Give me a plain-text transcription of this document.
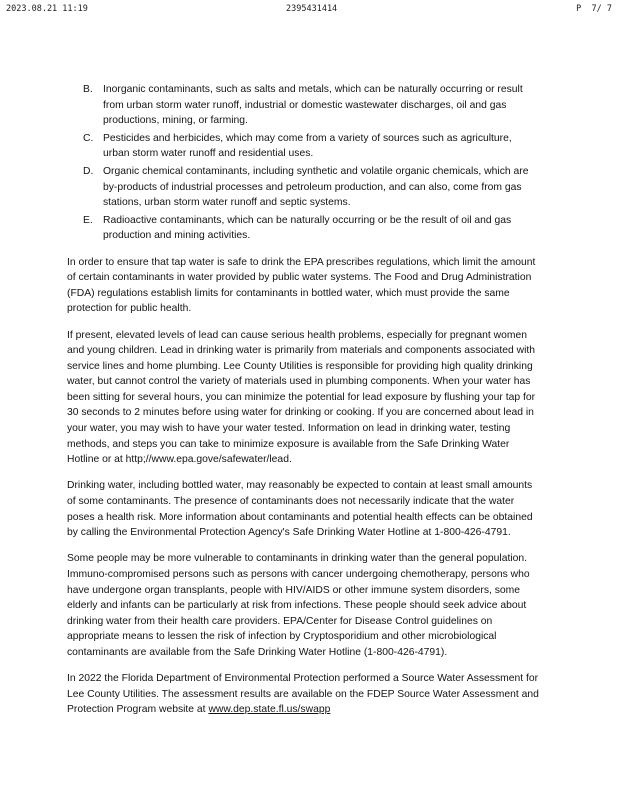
2023.08.21 11:19	2395431414	P  7/ 7
B. Inorganic contaminants, such as salts and metals, which can be naturally occurring or result from urban storm water runoff, industrial or domestic wastewater discharges, oil and gas productions, mining, or farming.
C. Pesticides and herbicides, which may come from a variety of sources such as agriculture, urban storm water runoff and residential uses.
D. Organic chemical contaminants, including synthetic and volatile organic chemicals, which are by-products of industrial processes and petroleum production, and can also, come from gas stations, urban storm water runoff and septic systems.
E. Radioactive contaminants, which can be naturally occurring or be the result of oil and gas production and mining activities.

In order to ensure that tap water is safe to drink the EPA prescribes regulations, which limit the amount of certain contaminants in water provided by public water systems. The Food and Drug Administration (FDA) regulations establish limits for contaminants in bottled water, which must provide the same protection for public health.

If present, elevated levels of lead can cause serious health problems, especially for pregnant women and young children. Lead in drinking water is primarily from materials and components associated with service lines and home plumbing. Lee County Utilities is responsible for providing high quality drinking water, but cannot control the variety of materials used in plumbing components. When your water has been sitting for several hours, you can minimize the potential for lead exposure by flushing your tap for 30 seconds to 2 minutes before using water for drinking or cooking. If you are concerned about lead in your water, you may wish to have your water tested. Information on lead in drinking water, testing methods, and steps you can take to minimize exposure is available from the Safe Drinking Water Hotline or at http;//www.epa.gove/safewater/lead.

Drinking water, including bottled water, may reasonably be expected to contain at least small amounts of some contaminants. The presence of contaminants does not necessarily indicate that the water poses a health risk. More information about contaminants and potential health effects can be obtained by calling the Environmental Protection Agency's Safe Drinking Water Hotline at 1-800-426-4791.

Some people may be more vulnerable to contaminants in drinking water than the general population. Immuno-compromised persons such as persons with cancer undergoing chemotherapy, persons who have undergone organ transplants, people with HIV/AIDS or other immune system disorders, some elderly and infants can be particularly at risk from infections. These people should seek advice about drinking water from their health care providers. EPA/Center for Disease Control guidelines on appropriate means to lessen the risk of infection by Cryptosporidium and other microbiological contaminants are available from the Safe Drinking Water Hotline (1-800-426-4791).

In 2022 the Florida Department of Environmental Protection performed a Source Water Assessment for Lee County Utilities. The assessment results are available on the FDEP Source Water Assessment and Protection Program website at www.dep.state.fl.us/swapp
